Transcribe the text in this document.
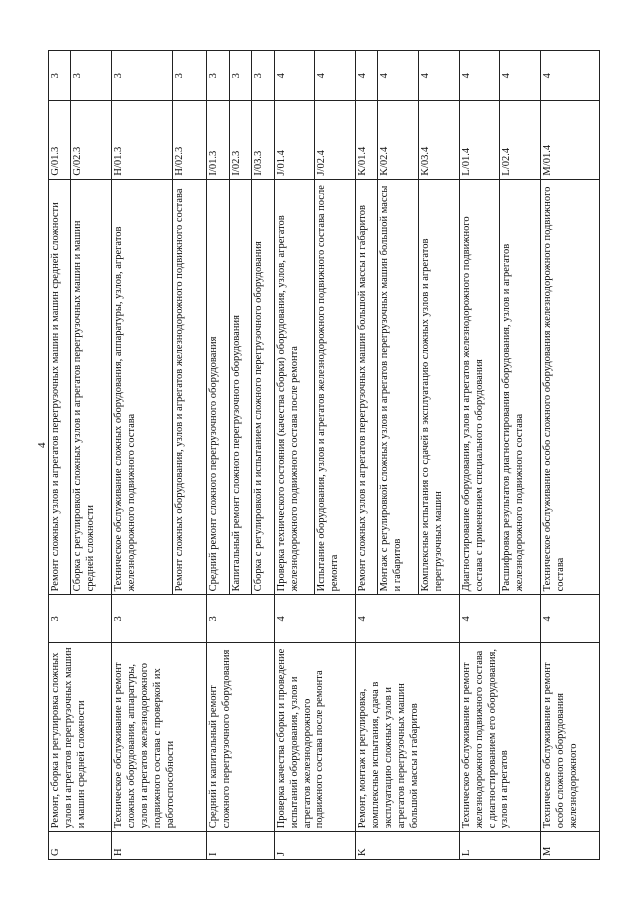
4
G	Ремонт, сборка и регулировка сложных узлов и агрегатов перегрузочных машин и машин средней сложности	3	Ремонт сложных узлов и агрегатов перегрузочных машин и машин средней сложности	G/01.3	3
			Сборка с регулировкой сложных узлов и агрегатов перегрузочных машин и машин средней сложности	G/02.3	3
H	Техническое обслуживание и ремонт сложных оборудования, аппаратуры, узлов и агрегатов железнодорожного подвижного состава с проверкой их работоспособности	3	Техническое обслуживание сложных оборудования, аппаратуры, узлов, агрегатов железнодорожного подвижного состава	H/01.3	3
			Ремонт сложных оборудования, узлов и агрегатов железнодорожного подвижного состава	H/02.3	3
I	Средний и капитальный ремонт сложного перегрузочного оборудования	3	Средний ремонт сложного перегрузочного оборудования	I/01.3	3
			Капитальный ремонт сложного перегрузочного оборудования	I/02.3	3
			Сборка с регулировкой и испытанием сложного перегрузочного оборудования	I/03.3	3
J	Проверка качества сборки и проведение испытаний оборудования, узлов и агрегатов железнодорожного подвижного состава после ремонта	4	Проверка технического состояния (качества сборки) оборудования, узлов, агрегатов железнодорожного подвижного состава после ремонта	J/01.4	4
			Испытание оборудования, узлов и агрегатов железнодорожного подвижного состава после ремонта	J/02.4	4
K	Ремонт, монтаж и регулировка, комплексные испытания, сдача в эксплуатацию сложных узлов и агрегатов перегрузочных машин большой массы и габаритов	4	Ремонт сложных узлов и агрегатов перегрузочных машин большой массы и габаритов	K/01.4	4
			Монтаж с регулировкой сложных узлов и агрегатов перегрузочных машин большой массы и габаритов	K/02.4	4
			Комплексные испытания со сдачей в эксплуатацию сложных узлов и агрегатов перегрузочных машин	K/03.4	4
L	Техническое обслуживание и ремонт железнодорожного подвижного состава с диагностированием его оборудования, узлов и агрегатов	4	Диагностирование оборудования, узлов и агрегатов железнодорожного подвижного состава с применением специального оборудования	L/01.4	4
			Расшифровка результатов диагностирования оборудования, узлов и агрегатов железнодорожного подвижного состава	L/02.4	4
M	Техническое обслуживание и ремонт особо сложного оборудования железнодорожного	4	Техническое обслуживание особо сложного оборудования железнодорожного подвижного состава	M/01.4	4
